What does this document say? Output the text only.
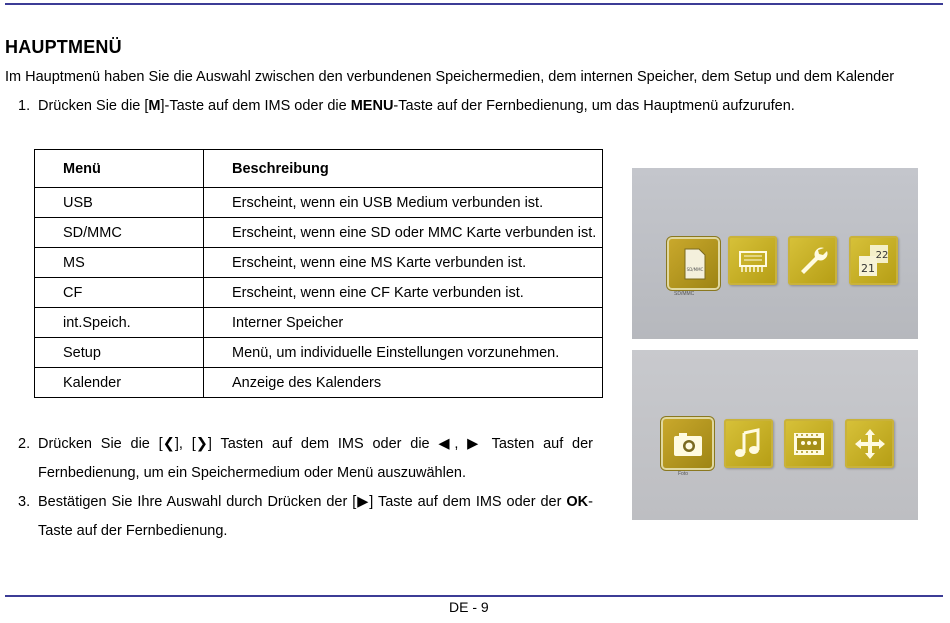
HAUPTMENÜ
Im Hauptmenü haben Sie die Auswahl zwischen den verbundenen Speichermedien, dem internen Speicher, dem Setup und dem Kalender
1. Drücken Sie die [M]-Taste auf dem IMS oder die MENU-Taste auf der Fernbedienung, um das Hauptmenü aufzurufen.
Menü	Beschreibung
USB	Erscheint, wenn ein USB Medium verbunden ist.
SD/MMC	Erscheint, wenn eine SD oder MMC Karte verbunden ist.
MS	Erscheint, wenn eine MS Karte verbunden ist.
CF	Erscheint, wenn eine CF Karte verbunden ist.
int.Speich.	Interner Speicher
Setup	Menü, um individuelle Einstellungen vorzunehmen.
Kalender	Anzeige des Kalenders
2. Drücken Sie die [❮], [❯] Tasten auf dem IMS oder die ◀, ▶ Tasten auf der Fernbedienung, um ein Speichermedium oder Menü auszuwählen.
3. Bestätigen Sie Ihre Auswahl durch Drücken der [▶] Taste auf dem IMS oder der OK-Taste auf der Fernbedienung.
SD/MMC	21
22
SD/MMC
Foto
DE - 9
